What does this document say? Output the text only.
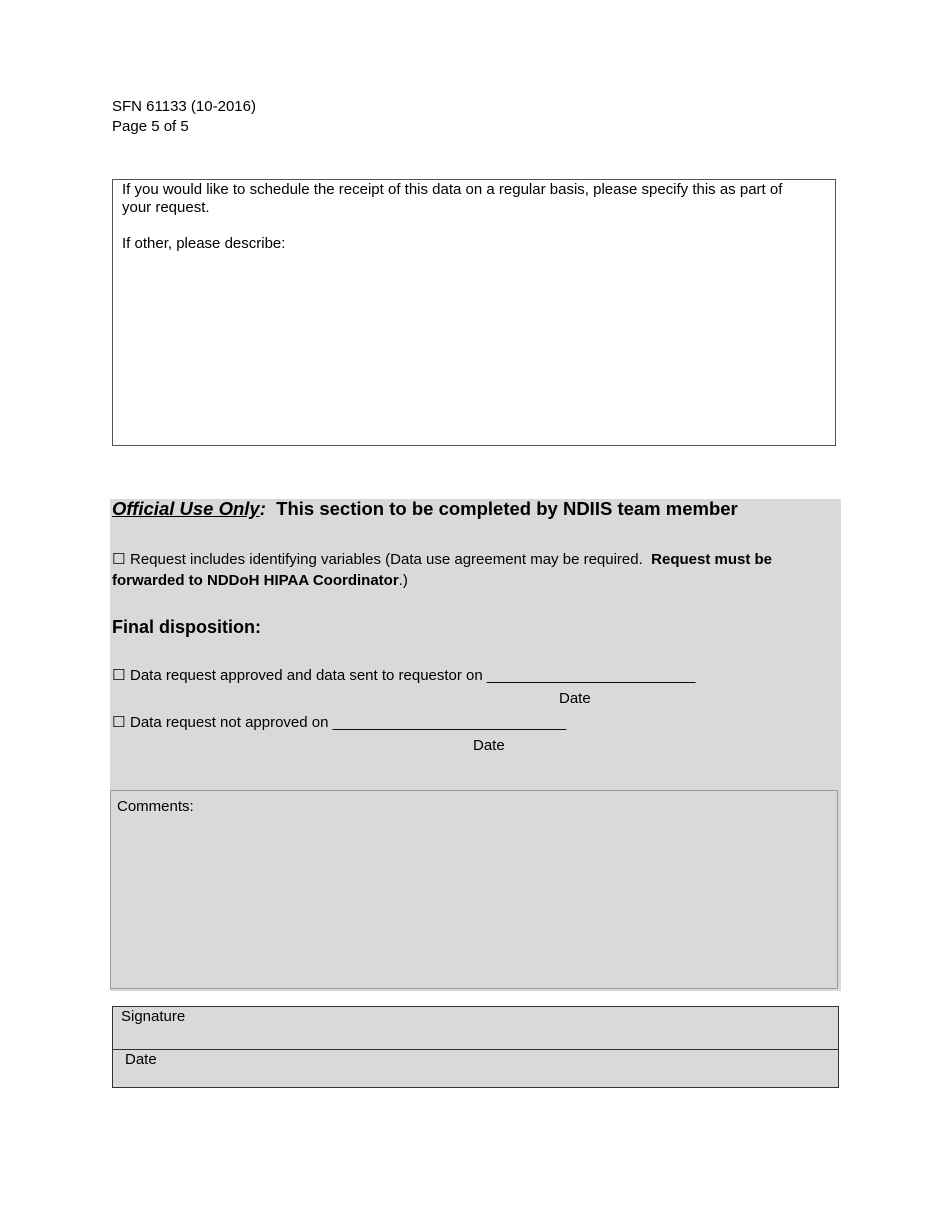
SFN 61133 (10-2016)
Page 5 of 5
If you would like to schedule the receipt of this data on a regular basis, please specify this as part of
your request.
If other, please describe:
Official Use Only: This section to be completed by NDIIS team member
☐ Request includes identifying variables (Data use agreement may be required. Request must be
forwarded to NDDoH HIPAA Coordinator.)
Final disposition:
☐ Data request approved and data sent to requestor on _________________________
Date
☐ Data request not approved on ____________________________
Date
Comments:
Signature
Date
